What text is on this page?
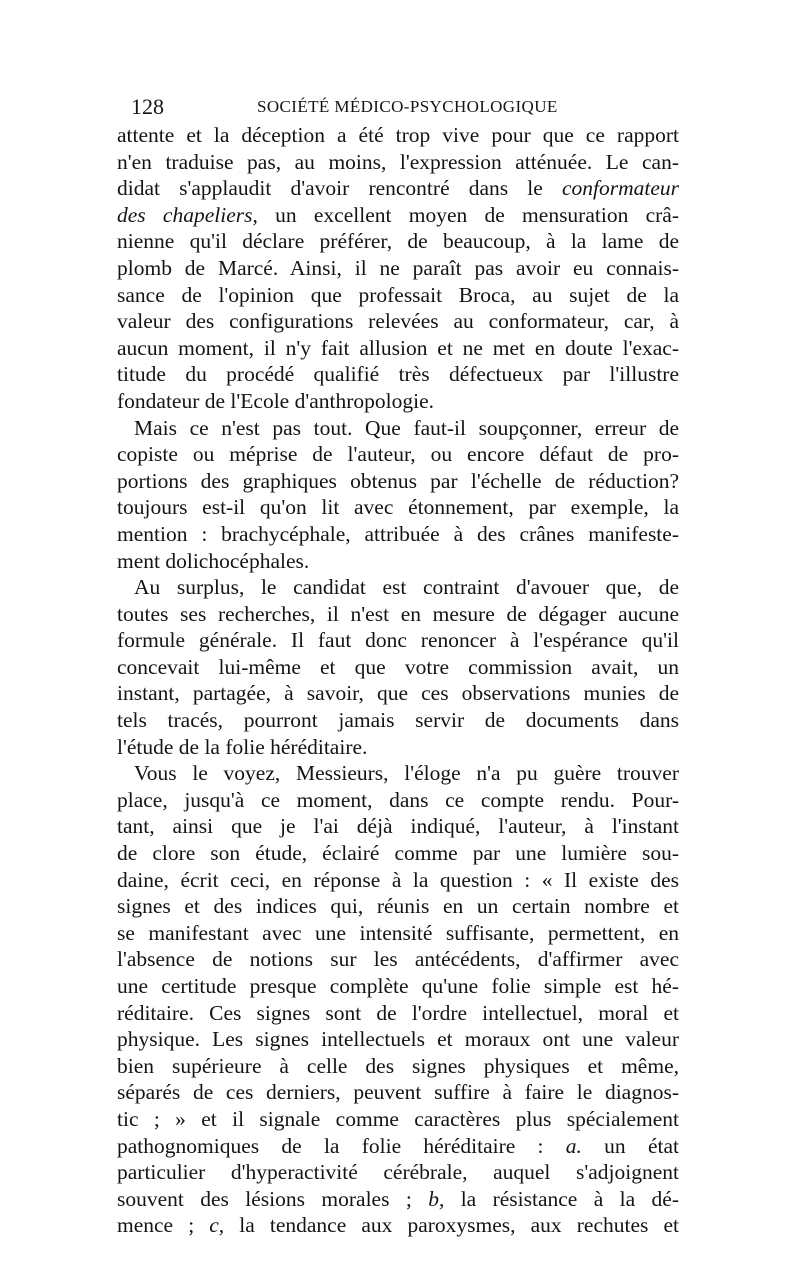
128	SOCIÉTÉ MÉDICO-PSYCHOLOGIQUE
attente et la déception a été trop vive pour que ce rapport
n'en traduise pas, au moins, l'expression atténuée. Le can-
didat s'applaudit d'avoir rencontré dans le conformateur
des chapeliers, un excellent moyen de mensuration crâ-
nienne qu'il déclare préférer, de beaucoup, à la lame de
plomb de Marcé. Ainsi, il ne paraît pas avoir eu connais-
sance de l'opinion que professait Broca, au sujet de la
valeur des configurations relevées au conformateur, car, à
aucun moment, il n'y fait allusion et ne met en doute l'exac-
titude du procédé qualifié très défectueux par l'illustre
fondateur de l'Ecole d'anthropologie.
Mais ce n'est pas tout. Que faut-il soupçonner, erreur de
copiste ou méprise de l'auteur, ou encore défaut de pro-
portions des graphiques obtenus par l'échelle de réduction?
toujours est-il qu'on lit avec étonnement, par exemple, la
mention : brachycéphale, attribuée à des crânes manifeste-
ment dolichocéphales.
Au surplus, le candidat est contraint d'avouer que, de
toutes ses recherches, il n'est en mesure de dégager aucune
formule générale. Il faut donc renoncer à l'espérance qu'il
concevait lui-même et que votre commission avait, un
instant, partagée, à savoir, que ces observations munies de
tels tracés, pourront jamais servir de documents dans
l'étude de la folie héréditaire.
Vous le voyez, Messieurs, l'éloge n'a pu guère trouver
place, jusqu'à ce moment, dans ce compte rendu. Pour-
tant, ainsi que je l'ai déjà indiqué, l'auteur, à l'instant
de clore son étude, éclairé comme par une lumière sou-
daine, écrit ceci, en réponse à la question : « Il existe des
signes et des indices qui, réunis en un certain nombre et
se manifestant avec une intensité suffisante, permettent, en
l'absence de notions sur les antécédents, d'affirmer avec
une certitude presque complète qu'une folie simple est hé-
réditaire. Ces signes sont de l'ordre intellectuel, moral et
physique. Les signes intellectuels et moraux ont une valeur
bien supérieure à celle des signes physiques et même,
séparés de ces derniers, peuvent suffire à faire le diagnos-
tic ; » et il signale comme caractères plus spécialement
pathognomiques de la folie héréditaire : a. un état
particulier d'hyperactivité cérébrale, auquel s'adjoignent
souvent des lésions morales ; b, la résistance à la dé-
mence ; c, la tendance aux paroxysmes, aux rechutes et
